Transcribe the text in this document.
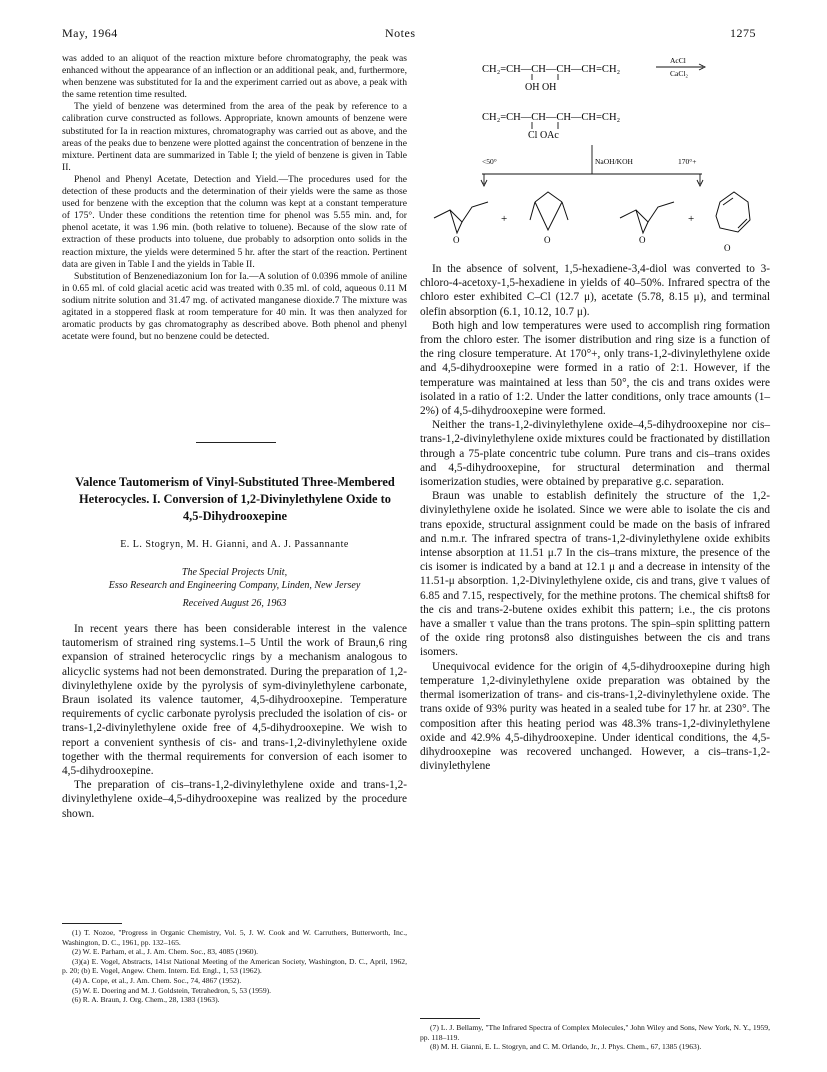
May, 1964	Notes	1275

was added to an aliquot of the reaction mixture before chromatography, the peak was enhanced without the appearance of an inflection or an additional peak, and, furthermore, when benzene was substituted for Ia and the experiment carried out as above, a peak with the same retention time resulted.

The yield of benzene was determined from the area of the peak by reference to a calibration curve constructed as follows. Appropriate, known amounts of benzene were substituted for Ia in reaction mixtures, chromatography was carried out as above, and the areas of the peaks due to benzene were plotted against the concentration of benzene in the mixture. Pertinent data are summarized in Table I; the yield of benzene is given in Table II.

Phenol and Phenyl Acetate, Detection and Yield.—The procedures used for the detection of these products and the determination of their yields were the same as those used for benzene with the exception that the column was kept at a constant temperature of 175°. Under these conditions the retention time for phenol was 5.55 min. and, for phenol acetate, it was 1.96 min. (both relative to toluene). Because of the slow rate of extraction of these products into toluene, due probably to adsorption onto solids in the reaction mixture, the yields were determined 5 hr. after the start of the reaction. Pertinent data are given in Table I and the yields in Table II.

Substitution of Benzenediazonium Ion for Ia.—A solution of 0.0396 mmole of aniline in 0.65 ml. of cold glacial acetic acid was treated with 0.35 ml. of cold, aqueous 0.11 M sodium nitrite solution and 31.47 mg. of activated manganese dioxide.7 The mixture was agitated in a stoppered flask at room temperature for 40 min. It was then analyzed for aromatic products by gas chromatography as described above. Both phenol and phenyl acetate were found, but no benzene could be detected.

Valence Tautomerism of Vinyl-Substituted Three-Membered Heterocycles. I. Conversion of 1,2-Divinylethylene Oxide to 4,5-Dihydrooxepine
E. L. Stogryn, M. H. Gianni, and A. J. Passannante
The Special Projects Unit,
Esso Research and Engineering Company, Linden, New Jersey
Received August 26, 1963

In recent years there has been considerable interest in the valence tautomerism of strained ring systems.1–5 Until the work of Braun,6 ring expansion of strained heterocyclic rings by a mechanism analogous to alicyclic systems had not been demonstrated. During the preparation of 1,2-divinylethylene oxide by the pyrolysis of sym-divinylethylene carbonate, Braun isolated its valence tautomer, 4,5-dihydrooxepine. Temperature requirements of cyclic carbonate pyrolysis precluded the isolation of cis- or trans-1,2-divinylethylene oxide free of 4,5-dihydrooxepine. We wish to report a convenient synthesis of cis- and trans-1,2-divinylethylene oxide together with the thermal requirements for conversion of each isomer to 4,5-dihydrooxepine.

The preparation of cis–trans-1,2-divinylethylene oxide and trans-1,2-divinylethylene oxide–4,5-dihydrooxepine was realized by the procedure shown.

(1) T. Nozoe, "Progress in Organic Chemistry, Vol. 5, J. W. Cook and W. Carruthers, Butterworth, Inc., Washington, D. C., 1961, pp. 132–165.
(2) W. E. Parham, et al., J. Am. Chem. Soc., 83, 4085 (1960).
(3)(a) E. Vogel, Abstracts, 141st National Meeting of the American Society, Washington, D. C., April, 1962, p. 20; (b) E. Vogel, Angew. Chem. Intern. Ed. Engl., 1, 53 (1962).
(4) A. Cope, et al., J. Am. Chem. Soc., 74, 4867 (1952).
(5) W. E. Doering and M. J. Goldstein, Tetrahedron, 5, 53 (1959).
(6) R. A. Braun, J. Org. Chem., 28, 1383 (1963).
CH₂=CH—CH—CH—CH=CH₂
OH OH
AcCl
CaCl₂
CH₂=CH—CH—CH—CH=CH₂
Cl OAc
<50°	NaOH/KOH	170°+
O
+
O	O
+
O

In the absence of solvent, 1,5-hexadiene-3,4-diol was converted to 3-chloro-4-acetoxy-1,5-hexadiene in yields of 40–50%. Infrared spectra of the chloro ester exhibited C–Cl (12.7 μ), acetate (5.78, 8.15 μ), and terminal olefin absorption (6.1, 10.12, 10.7 μ).

Both high and low temperatures were used to accomplish ring formation from the chloro ester. The isomer distribution and ring size is a function of the ring closure temperature. At 170°+, only trans-1,2-divinylethylene oxide and 4,5-dihydrooxepine were formed in a ratio of 2:1. However, if the temperature was maintained at less than 50°, the cis and trans oxides were isolated in a ratio of 1:2. Under the latter conditions, only trace amounts (1–2%) of 4,5-dihydrooxepine were formed.

Neither the trans-1,2-divinylethylene oxide–4,5-dihydrooxepine nor cis–trans-1,2-divinylethylene oxide mixtures could be fractionated by distillation through a 75-plate concentric tube column. Pure trans and cis–trans oxides and 4,5-dihydrooxepine, for structural determination and thermal isomerization studies, were obtained by preparative g.c. separation.

Braun was unable to establish definitely the structure of the 1,2-divinylethylene oxide he isolated. Since we were able to isolate the cis and trans epoxide, structural assignment could be made on the basis of infrared and n.m.r. The infrared spectra of trans-1,2-divinylethylene oxide exhibits intense absorption at 11.51 μ.7 In the cis–trans mixture, the presence of the cis isomer is indicated by a band at 12.1 μ and a decrease in intensity of the 11.51-μ absorption. 1,2-Divinylethylene oxide, cis and trans, give τ values of 6.85 and 7.15, respectively, for the methine protons. The chemical shifts8 for the cis and trans-2-butene oxides exhibit this pattern; i.e., the cis protons have a smaller τ value than the trans protons. The spin–spin splitting pattern of the oxide ring protons8 also distinguishes between the cis and trans isomers.

Unequivocal evidence for the origin of 4,5-dihydrooxepine during high temperature 1,2-divinylethylene oxide preparation was obtained by the thermal isomerization of trans- and cis-trans-1,2-divinylethylene oxide. The trans oxide of 93% purity was heated in a sealed tube for 17 hr. at 230°. The composition after this heating period was 48.3% trans-1,2-divinylethylene oxide and 42.9% 4,5-dihydrooxepine. Under identical conditions, the 4,5-dihydrooxepine was recovered unchanged. However, a cis–trans-1,2-divinylethylene

(7) L. J. Bellamy, "The Infrared Spectra of Complex Molecules," John Wiley and Sons, New York, N. Y., 1959, pp. 118–119.
(8) M. H. Gianni, E. L. Stogryn, and C. M. Orlando, Jr., J. Phys. Chem., 67, 1385 (1963).
